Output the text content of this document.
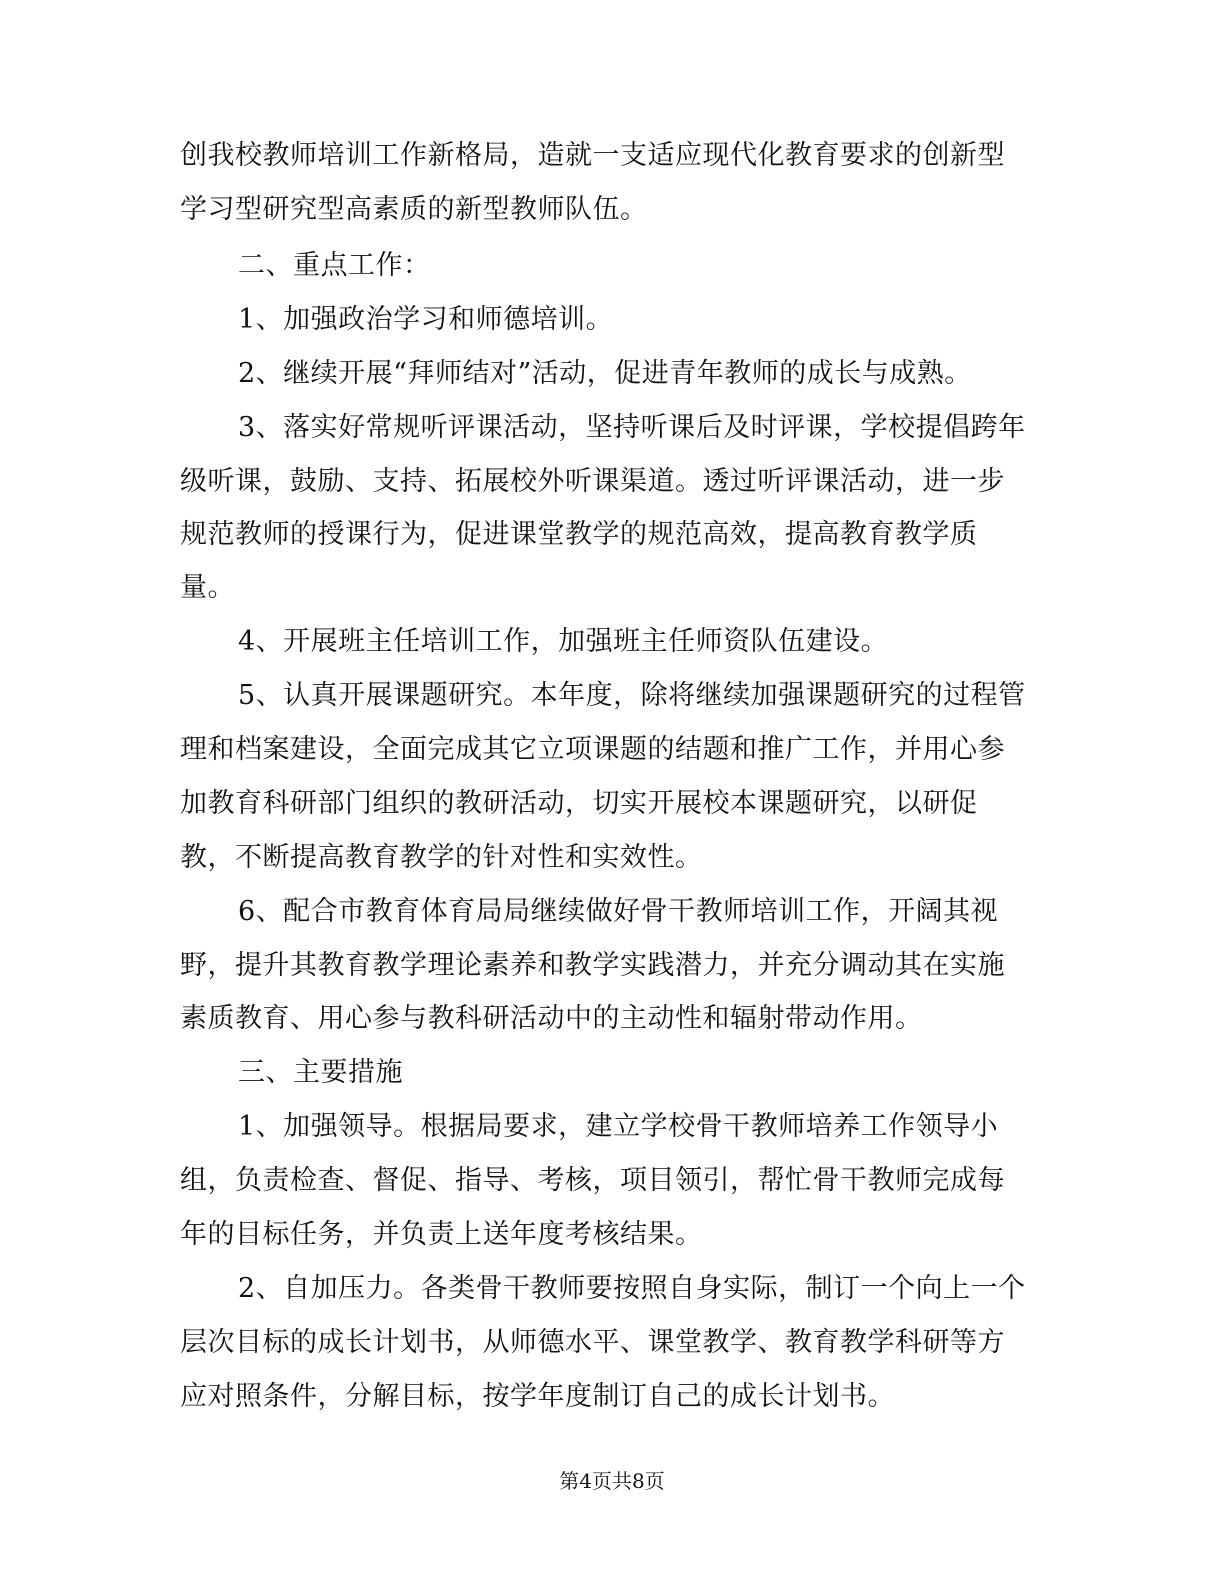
创我校教师培训工作新格局，造就一支适应现代化教育要求的创新型
学习型研究型高素质的新型教师队伍。
二、重点工作：
1、加强政治学习和师德培训。
2、继续开展“拜师结对”活动，促进青年教师的成长与成熟。
3、落实好常规听评课活动，坚持听课后及时评课，学校提倡跨年
级听课，鼓励、支持、拓展校外听课渠道。透过听评课活动，进一步
规范教师的授课行为，促进课堂教学的规范高效，提高教育教学质
量。
4、开展班主任培训工作，加强班主任师资队伍建设。
5、认真开展课题研究。本年度，除将继续加强课题研究的过程管
理和档案建设，全面完成其它立项课题的结题和推广工作，并用心参
加教育科研部门组织的教研活动，切实开展校本课题研究，以研促
教，不断提高教育教学的针对性和实效性。
6、配合市教育体育局局继续做好骨干教师培训工作，开阔其视
野，提升其教育教学理论素养和教学实践潜力，并充分调动其在实施
素质教育、用心参与教科研活动中的主动性和辐射带动作用。
三、主要措施
1、加强领导。根据局要求，建立学校骨干教师培养工作领导小
组，负责检查、督促、指导、考核，项目领引，帮忙骨干教师完成每
年的目标任务，并负责上送年度考核结果。
2、自加压力。各类骨干教师要按照自身实际，制订一个向上一个
层次目标的成长计划书，从师德水平、课堂教学、教育教学科研等方
应对照条件，分解目标，按学年度制订自己的成长计划书。
第4页共8页
